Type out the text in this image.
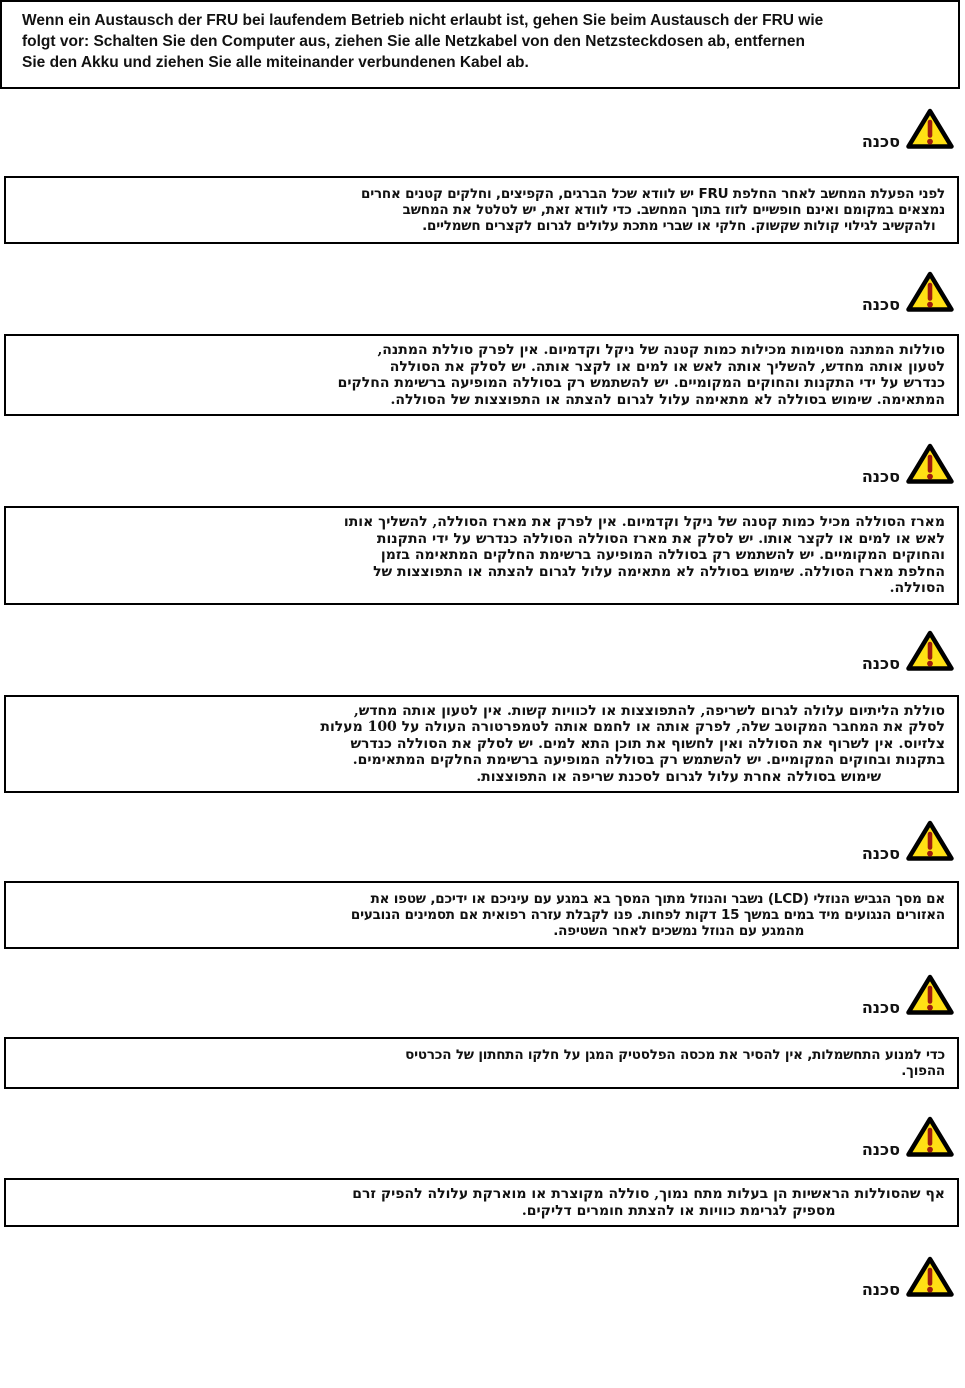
Wenn ein Austausch der FRU bei laufendem Betrieb nicht erlaubt ist, gehen Sie beim Austausch der FRU wie
folgt vor: Schalten Sie den Computer aus, ziehen Sie alle Netzkabel von den Netzsteckdosen ab, entfernen
Sie den Akku und ziehen Sie alle miteinander verbundenen Kabel ab.
סכנה
לפני הפעלת המחשב לאחר החלפת FRU יש לוודא שכל הברגים, הקפיצים, וחלקים קטנים אחרים
נמצאים במקומם ואינם חופשיים לזוז בתוך המחשב. כדי לוודא זאת, יש לטלטל את המחשב
ולהקשיב לגילוי קולות שקשוק. חלקי או שברי מתכת עלולים לגרום לקצרים חשמליים.
סכנה
סוללות המתנה מסוימות מכילות כמות קטנה של ניקל וקדמיום. אין לפרק סוללת המתנה,
לטעון אותה מחדש, להשליך אותה לאש או למים או לקצר אותה. יש לסלק את הסוללה
כנדרש על ידי התקנות והחוקים המקומיים. יש להשתמש רק בסוללה המופיעה ברשימת החלקים
המתאימה. שימוש בסוללה לא מתאימה עלול לגרום להצתה או התפוצצות של הסוללה.
סכנה
מארז הסוללה מכיל כמות קטנה של ניקל וקדמיום. אין לפרק את מארז הסוללה, להשליך אותו
לאש או למים או לקצר אותו. יש לסלק את מארז הסוללה הסוללה כנדרש על ידי התקנות
והחוקים המקומיים. יש להשתמש רק בסוללה המופיעה ברשימת החלקים המתאימה בזמן
החלפת מארז הסוללה. שימוש בסוללה לא מתאימה עלול לגרום להצתה או התפוצצות של
הסוללה.
סכנה
סוללת הליתיום עלולה לגרום לשריפה, להתפוצצות או לכוויות קשות. אין לטעון אותה מחדש,
לסלק את המחבר המקוטב שלה, לפרק אותה או לחמם אותה לטמפרטורה העולה על 100 מעלות
צלזיוס. אין לשרוף את הסוללה ואין לחשוף את תוכן התא למים. יש לסלק את הסוללה כנדרש
בתקנות ובחוקים המקומיים. יש להשתמש רק בסוללה המופיעה ברשימת החלקים המתאימים.
שימוש בסוללה אחרת עלול לגרום לסכנת שריפה או התפוצצות.
סכנה
אם מסך הגביש הנוזלי (LCD) נשבר והנוזל מתוך המסך בא במגע עם עיניכם או ידיכם, שטפו את
האזורים הנגועים מיד במים במשך 15 דקות לפחות. פנו לקבלת עזרה רפואית אם תסמינים הנובעים
מהמגע עם הנוזל נמשכים לאחר השטיפה.
סכנה
כדי למנוע התחשמלות, אין להסיר את מכסה הפלסטיק המגן על חלקו התחתון של הכרטיס
ההפוך.
סכנה
אף שהסוללות הראשיות הן בעלות מתח נמוך, סוללה מקוצרת או מוארקת עלולה להפיק זרם
מספיק לגרימת כוויות או להצתת חומרים דליקים.
סכנה
